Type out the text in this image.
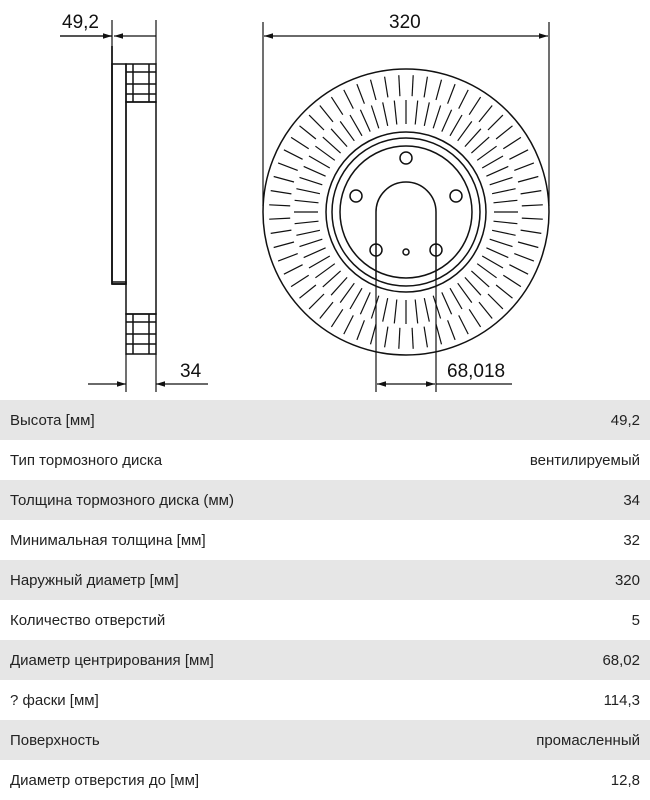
49,2
34
320
68,018
Высота [мм]	49,2
Тип тормозного диска	вентилируемый
Толщина тормозного диска (мм)	34
Минимальная толщина [мм]	32
Наружный диаметр [мм]	320
Количество отверстий	5
Диаметр центрирования [мм]	68,02
? фаски [мм]	114,3
Поверхность	промасленный
Диаметр отверстия до [мм]	12,8
